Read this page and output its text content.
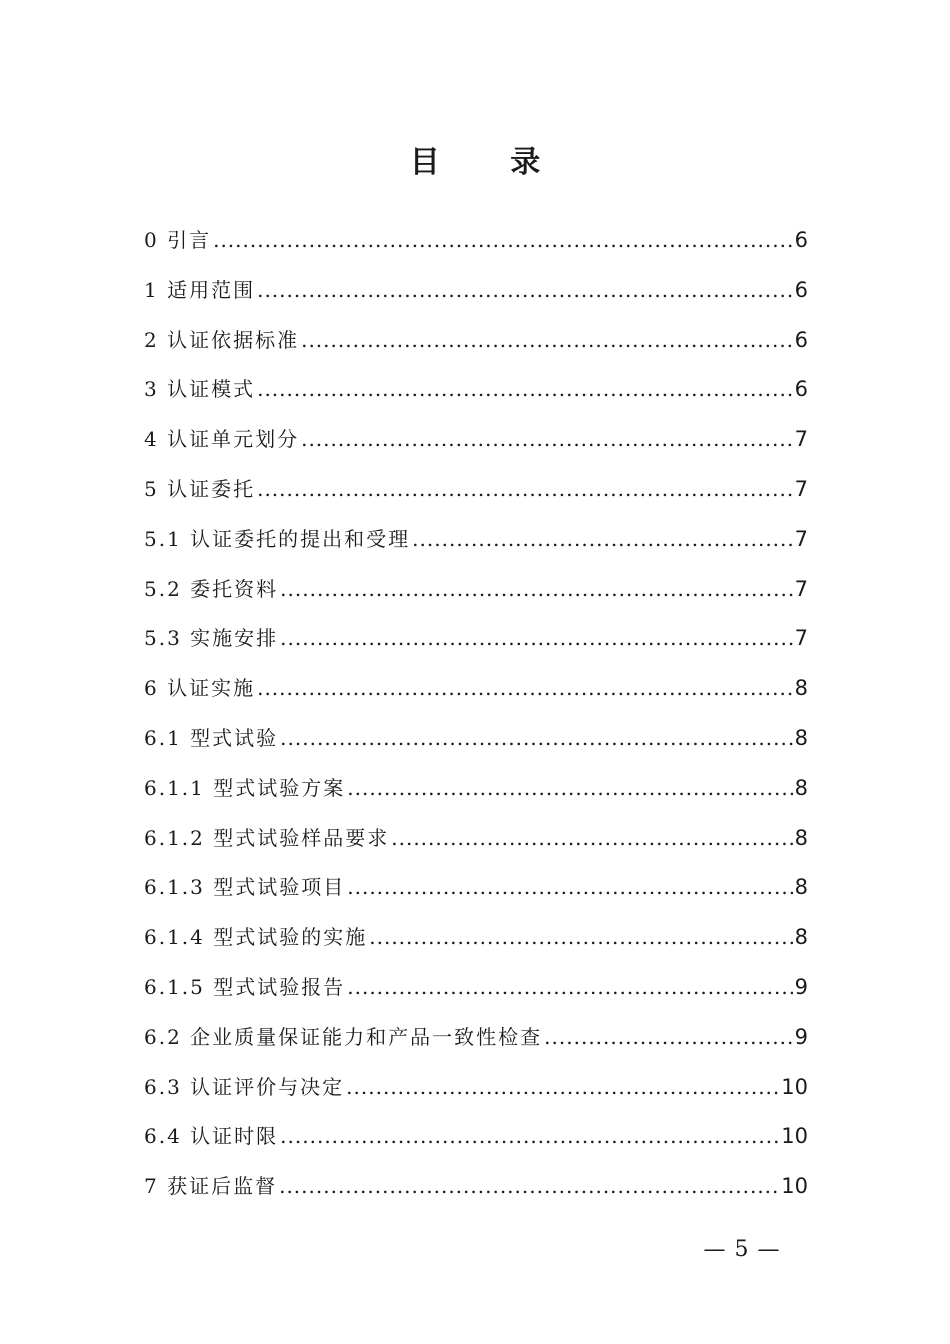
目 录
0 引言 .....	6
1 适用范围 .....	6
2 认证依据标准 .....	6
3 认证模式 .....	6
4 认证单元划分 .....	7
5 认证委托 .....	7
5.1 认证委托的提出和受理 .....	7
5.2 委托资料 .....	7
5.3 实施安排 .....	7
6 认证实施 .....	8
6.1 型式试验 .....	8
6.1.1 型式试验方案 .....	8
6.1.2 型式试验样品要求 .....	8
6.1.3 型式试验项目 .....	8
6.1.4 型式试验的实施 .....	8
6.1.5 型式试验报告 .....	9
6.2 企业质量保证能力和产品一致性检查 .....	9
6.3 认证评价与决定 .....	10
6.4 认证时限 .....	10
7 获证后监督 .....	10
— 5 —
